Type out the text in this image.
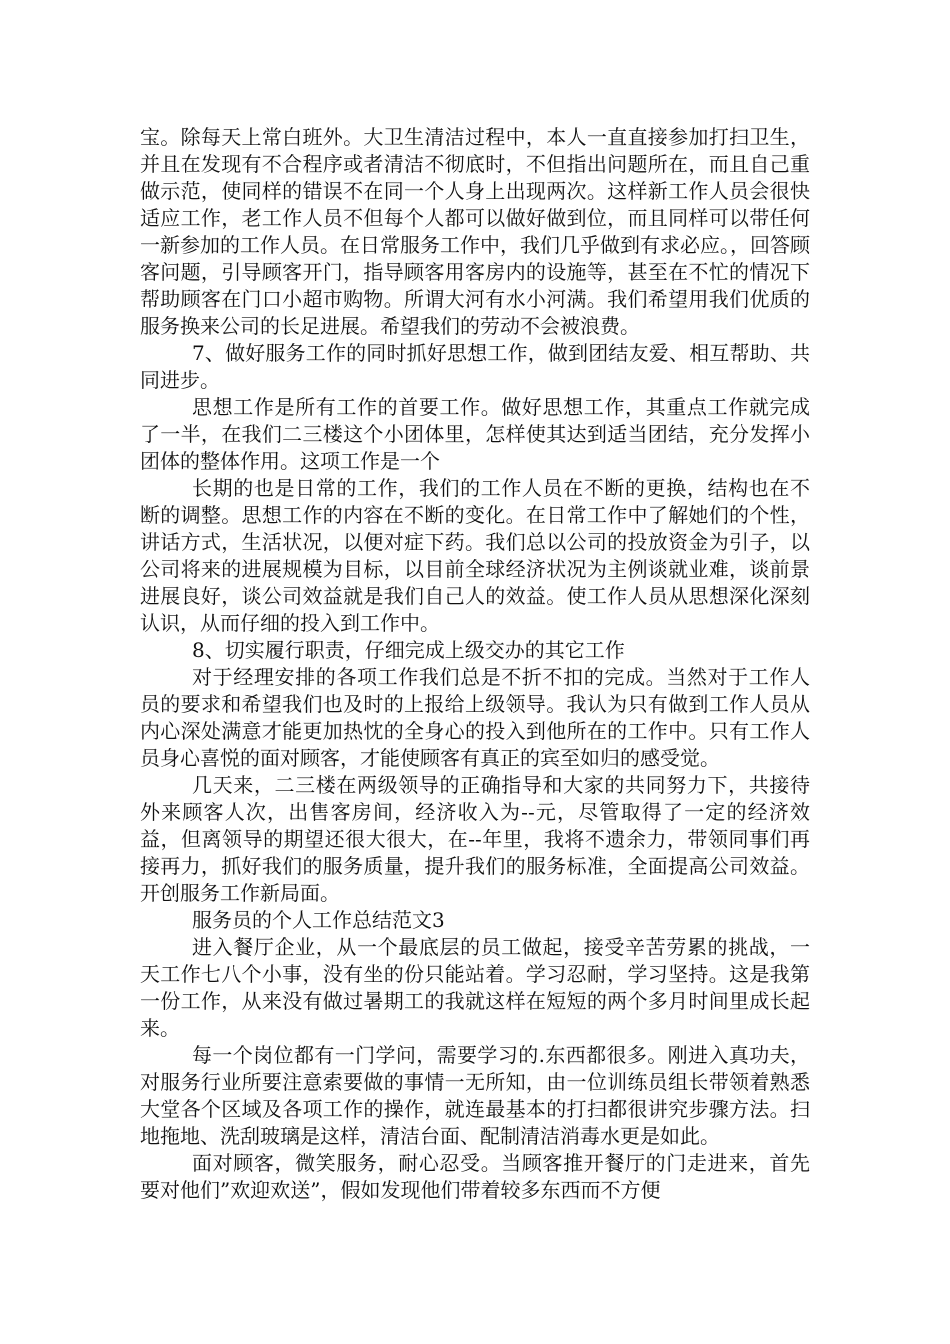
宝。除每天上常白班外。大卫生清洁过程中，本人一直直接参加打扫卫生，并且在发现有不合程序或者清洁不彻底时，不但指出问题所在，而且自己重做示范，使同样的错误不在同一个人身上出现两次。这样新工作人员会很快适应工作，老工作人员不但每个人都可以做好做到位，而且同样可以带任何一新参加的工作人员。在日常服务工作中，我们几乎做到有求必应。，回答顾客问题，引导顾客开门，指导顾客用客房内的设施等，甚至在不忙的情况下帮助顾客在门口小超市购物。所谓大河有水小河满。我们希望用我们优质的服务换来公司的长足进展。希望我们的劳动不会被浪费。

7、做好服务工作的同时抓好思想工作，做到团结友爱、相互帮助、共同进步。

思想工作是所有工作的首要工作。做好思想工作，其重点工作就完成了一半，在我们二三楼这个小团体里，怎样使其达到适当团结，充分发挥小团体的整体作用。这项工作是一个

长期的也是日常的工作，我们的工作人员在不断的更换，结构也在不断的调整。思想工作的内容在不断的变化。在日常工作中了解她们的个性，讲话方式，生活状况，以便对症下药。我们总以公司的投放资金为引子，以公司将来的进展规模为目标，以目前全球经济状况为主例谈就业难，谈前景进展良好，谈公司效益就是我们自己人的效益。使工作人员从思想深化深刻认识，从而仔细的投入到工作中。

8、切实履行职责，仔细完成上级交办的其它工作

对于经理安排的各项工作我们总是不折不扣的完成。当然对于工作人员的要求和希望我们也及时的上报给上级领导。我认为只有做到工作人员从内心深处满意才能更加热忱的全身心的投入到他所在的工作中。只有工作人员身心喜悦的面对顾客，才能使顾客有真正的宾至如归的感受觉。

几天来，二三楼在两级领导的正确指导和大家的共同努力下，共接待外来顾客人次，出售客房间，经济收入为--元，尽管取得了一定的经济效益，但离领导的期望还很大很大，在--年里，我将不遗余力，带领同事们再接再力，抓好我们的服务质量，提升我们的服务标准，全面提高公司效益。开创服务工作新局面。

服务员的个人工作总结范文3

进入餐厅企业，从一个最底层的员工做起，接受辛苦劳累的挑战，一天工作七八个小事，没有坐的份只能站着。学习忍耐，学习坚持。这是我第一份工作，从来没有做过暑期工的我就这样在短短的两个多月时间里成长起来。

每一个岗位都有一门学问，需要学习的.东西都很多。刚进入真功夫，对服务行业所要注意索要做的事情一无所知，由一位训练员组长带领着熟悉大堂各个区域及各项工作的操作，就连最基本的打扫都很讲究步骤方法。扫地拖地、洗刮玻璃是这样，清洁台面、配制清洁消毒水更是如此。

面对顾客，微笑服务，耐心忍受。当顾客推开餐厅的门走进来，首先要对他们”欢迎欢送”，假如发现他们带着较多东西而不方便
